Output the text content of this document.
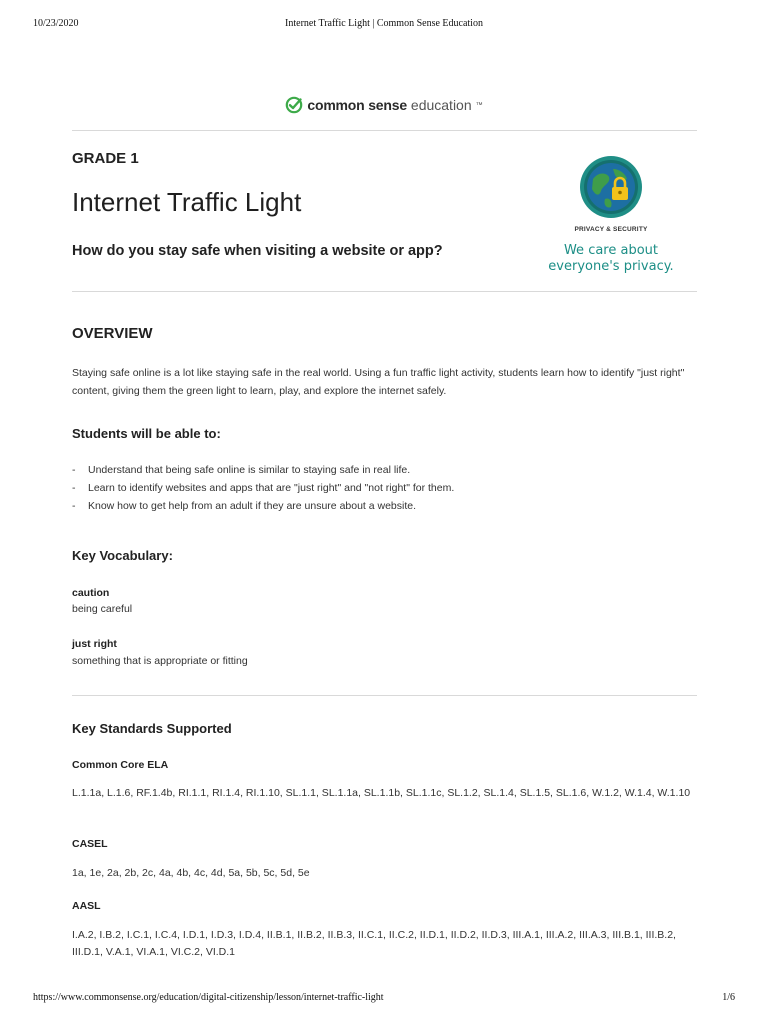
10/23/2020	Internet Traffic Light | Common Sense Education
common sense education ™
GRADE 1
Internet Traffic Light
How do you stay safe when visiting a website or app?
PRIVACY & SECURITY
We care about
everyone's privacy.
OVERVIEW

Staying safe online is a lot like staying safe in the real world. Using a fun traffic light activity, students learn how to identify "just right" content, giving them the green light to learn, play, and explore the internet safely.

Students will be able to:
- Understand that being safe online is similar to staying safe in real life.
- Learn to identify websites and apps that are "just right" and "not right" for them.
- Know how to get help from an adult if they are unsure about a website.
Key Vocabulary:
caution
being careful
just right
something that is appropriate or fitting
Key Standards Supported
Common Core ELA

L.1.1a, L.1.6, RF.1.4b, RI.1.1, RI.1.4, RI.1.10, SL.1.1, SL.1.1a, SL.1.1b, SL.1.1c, SL.1.2, SL.1.4, SL.1.5, SL.1.6, W.1.2, W.1.4, W.1.10

CASEL

1a, 1e, 2a, 2b, 2c, 4a, 4b, 4c, 4d, 5a, 5b, 5c, 5d, 5e

AASL

I.A.2, I.B.2, I.C.1, I.C.4, I.D.1, I.D.3, I.D.4, II.B.1, II.B.2, II.B.3, II.C.1, II.C.2, II.D.1, II.D.2, II.D.3, III.A.1, III.A.2, III.A.3, III.B.1, III.B.2, III.D.1, V.A.1, VI.A.1, VI.C.2, VI.D.1

https://www.commonsense.org/education/digital-citizenship/lesson/internet-traffic-light	1/6
